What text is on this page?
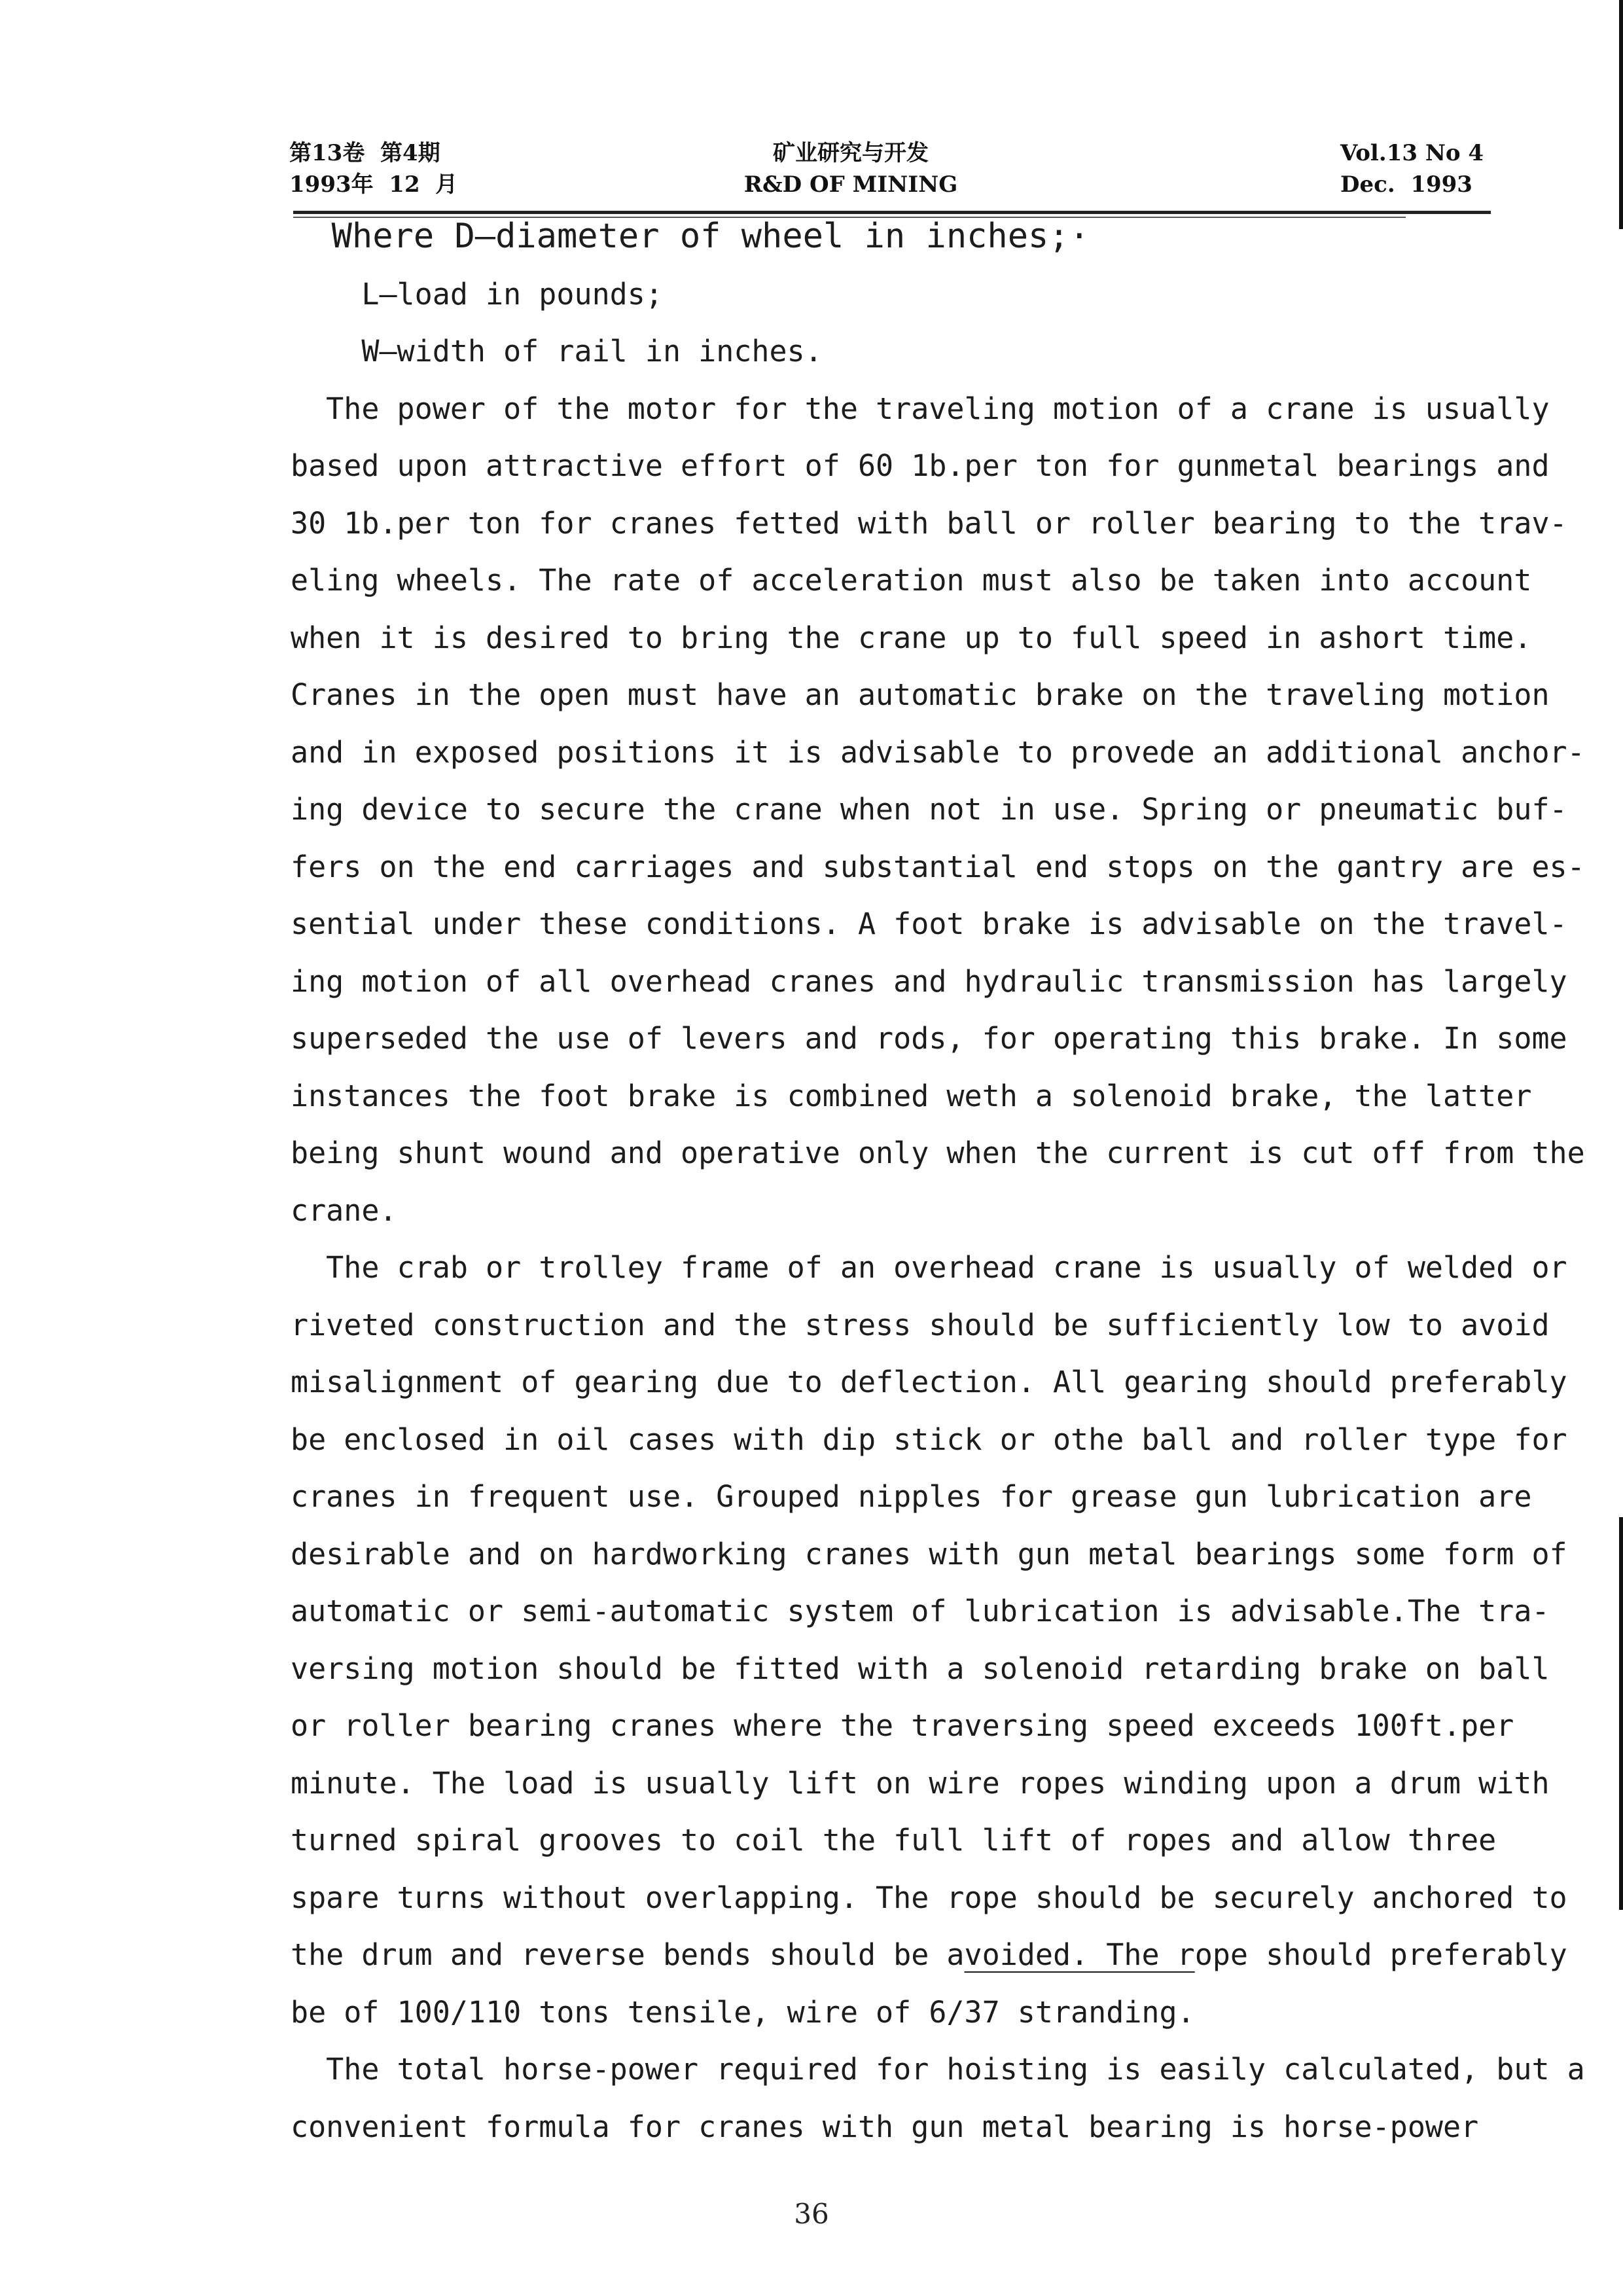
第13卷  第4期
1993年  12  月
矿业研究与开发
R&D OF MINING
Vol.13 No 4
Dec.  1993
Where D—diameter of wheel in inches;·
L—load in pounds;
W—width of rail in inches.
The power of the motor for the traveling motion of a crane is usually
based upon attractive effort of 60 1b.per ton for gunmetal bearings and
30 1b.per ton for cranes fetted with ball or roller bearing to the trav-
eling wheels. The rate of acceleration must also be taken into account
when it is desired to bring the crane up to full speed in ashort time.
Cranes in the open must have an automatic brake on the traveling motion
and in exposed positions it is advisable to provede an additional anchor-
ing device to secure the crane when not in use. Spring or pneumatic buf-
fers on the end carriages and substantial end stops on the gantry are es-
sential under these conditions. A foot brake is advisable on the travel-
ing motion of all overhead cranes and hydraulic transmission has largely
superseded the use of levers and rods, for operating this brake. In some
instances the foot brake is combined weth a solenoid brake, the latter
being shunt wound and operative only when the current is cut off from the
crane.
The crab or trolley frame of an overhead crane is usually of welded or
riveted construction and the stress should be sufficiently low to avoid
misalignment of gearing due to deflection. All gearing should preferably
be enclosed in oil cases with dip stick or othe ball and roller type for
cranes in frequent use. Grouped nipples for grease gun lubrication are
desirable and on hardworking cranes with gun metal bearings some form of
automatic or semi-automatic system of lubrication is advisable.The tra-
versing motion should be fitted with a solenoid retarding brake on ball
or roller bearing cranes where the traversing speed exceeds 100ft.per
minute. The load is usually lift on wire ropes winding upon a drum with
turned spiral grooves to coil the full lift of ropes and allow three
spare turns without overlapping. The rope should be securely anchored to
the drum and reverse bends should be avoided. The rope should preferably
be of 100/110 tons tensile, wire of 6/37 stranding.
The total horse-power required for hoisting is easily calculated, but a
convenient formula for cranes with gun metal bearing is horse-power
36
